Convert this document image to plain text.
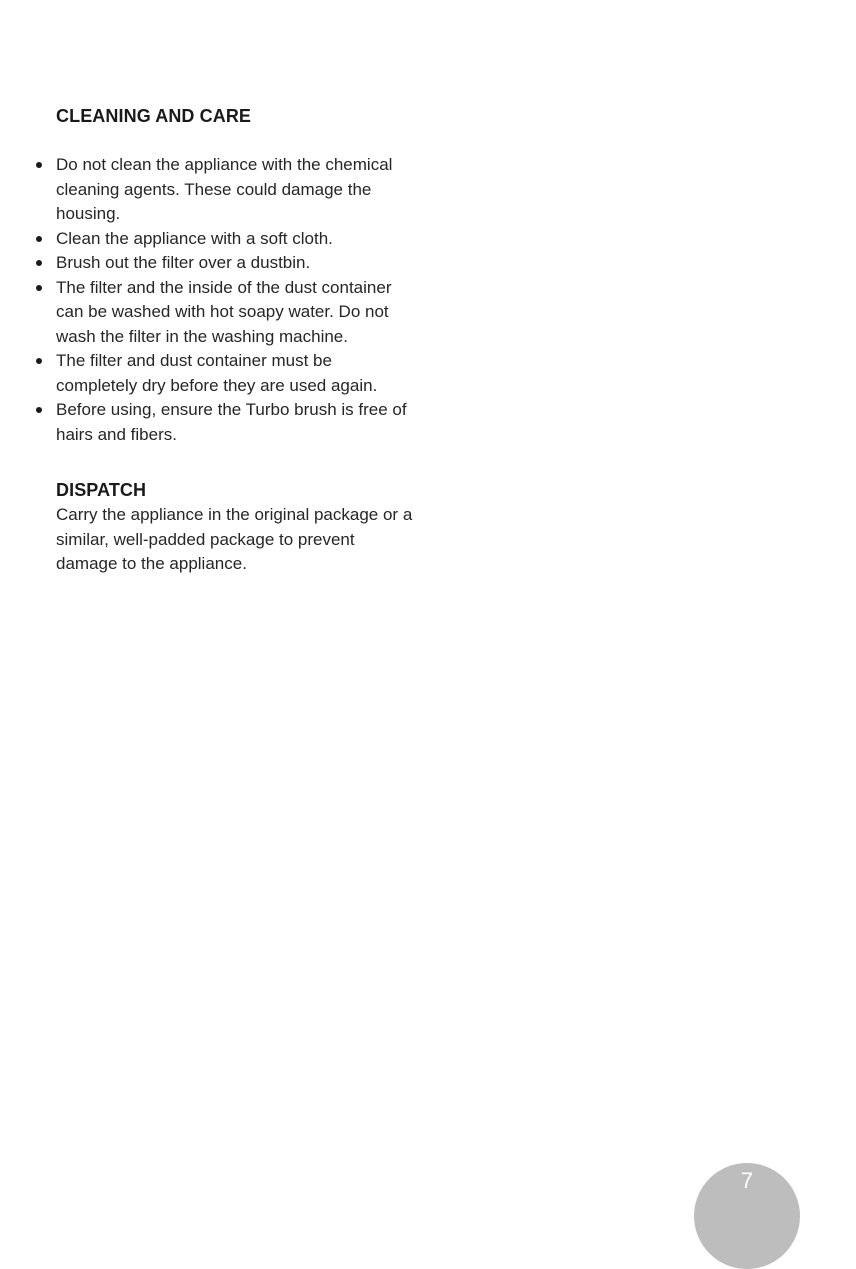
CLEANING AND CARE
Do not clean the appliance with the chemical cleaning agents. These could damage the housing.
Clean the appliance with a soft cloth.
Brush out the filter over a dustbin.
The filter and the inside of the dust container can be washed with hot soapy water. Do not wash the filter in the washing machine.
The filter and dust container must be completely dry before they are used again.
Before using, ensure the Turbo brush is free of hairs and fibers.
DISPATCH

Carry the appliance in the original package or a similar, well-padded package to prevent damage to the appliance.

7
